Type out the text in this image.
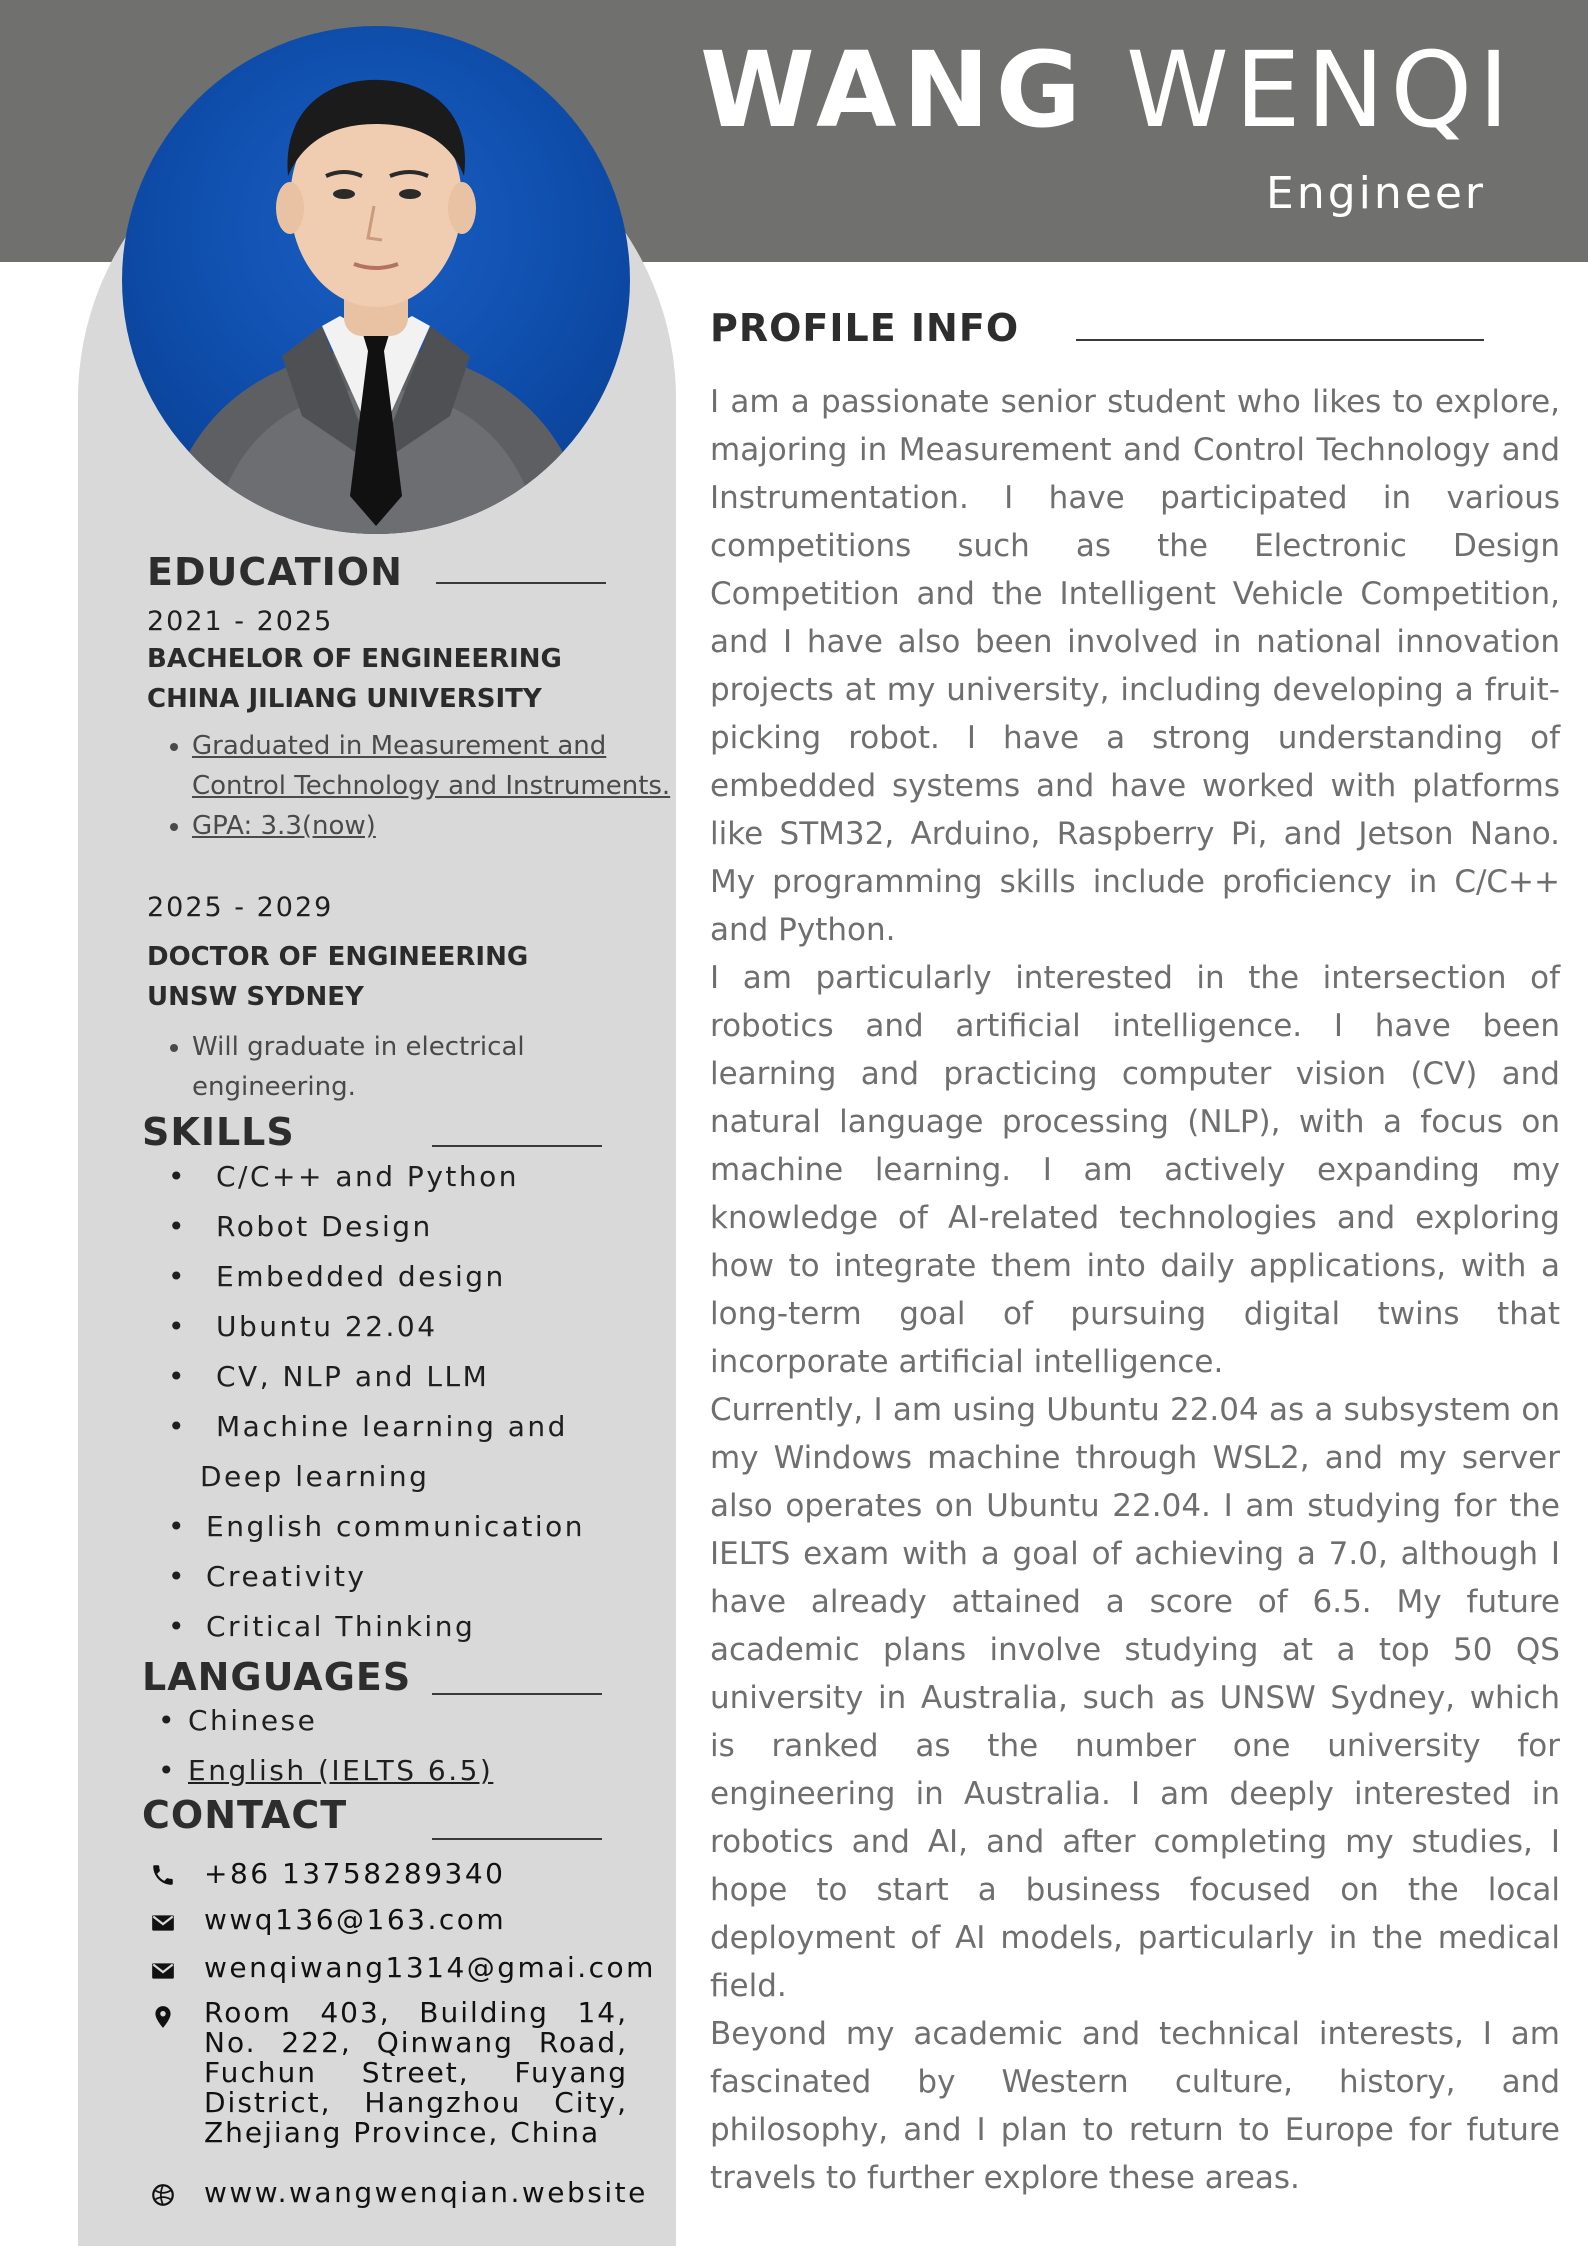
WANG WENQI
Engineer
PROFILE INFO

I am a passionate senior student who likes to explore, majoring in Measurement and Control Technology and Instrumentation. I have participated in various competitions such as the Electronic Design Competition and the Intelligent Vehicle Competition, and I have also been involved in national innovation projects at my university, including developing a fruit-picking robot. I have a strong understanding of embedded systems and have worked with platforms like STM32, Arduino, Raspberry Pi, and Jetson Nano. My programming skills include proficiency in C/C++ and Python.

I am particularly interested in the intersection of robotics and artificial intelligence. I have been learning and practicing computer vision (CV) and natural language processing (NLP), with a focus on machine learning. I am actively expanding my knowledge of AI-related technologies and exploring how to integrate them into daily applications, with a long-term goal of pursuing digital twins that incorporate artificial intelligence.

Currently, I am using Ubuntu 22.04 as a subsystem on my Windows machine through WSL2, and my server also operates on Ubuntu 22.04. I am studying for the IELTS exam with a goal of achieving a 7.0, although I have already attained a score of 6.5. My future academic plans involve studying at a top 50 QS university in Australia, such as UNSW Sydney, which is ranked as the number one university for engineering in Australia. I am deeply interested in robotics and AI, and after completing my studies, I hope to start a business focused on the local deployment of AI models, particularly in the medical field.

Beyond my academic and technical interests, I am fascinated by Western culture, history, and philosophy, and I plan to return to Europe for future travels to further explore these areas.

EDUCATION
2021 - 2025
BACHELOR OF ENGINEERING
CHINA JILIANG UNIVERSITY
• Graduated in Measurement and Control Technology and Instruments.
• GPA: 3.3(now)
2025 - 2029
DOCTOR OF ENGINEERING
UNSW SYDNEY
• Will graduate in electrical engineering.
SKILLS
• C/C++ and Python
• Robot Design
• Embedded design
• Ubuntu 22.04
• CV, NLP and LLM
• Machine learning and
Deep learning
• English communication
• Creativity
• Critical Thinking
LANGUAGES
• Chinese
• English (IELTS 6.5)
CONTACT
+86 13758289340
wwq136@163.com
wenqiwang1314@gmai.com
Room 403, Building 14, No. 222, Qinwang Road, Fuchun Street, Fuyang District, Hangzhou City, Zhejiang Province, China
www.wangwenqian.website
